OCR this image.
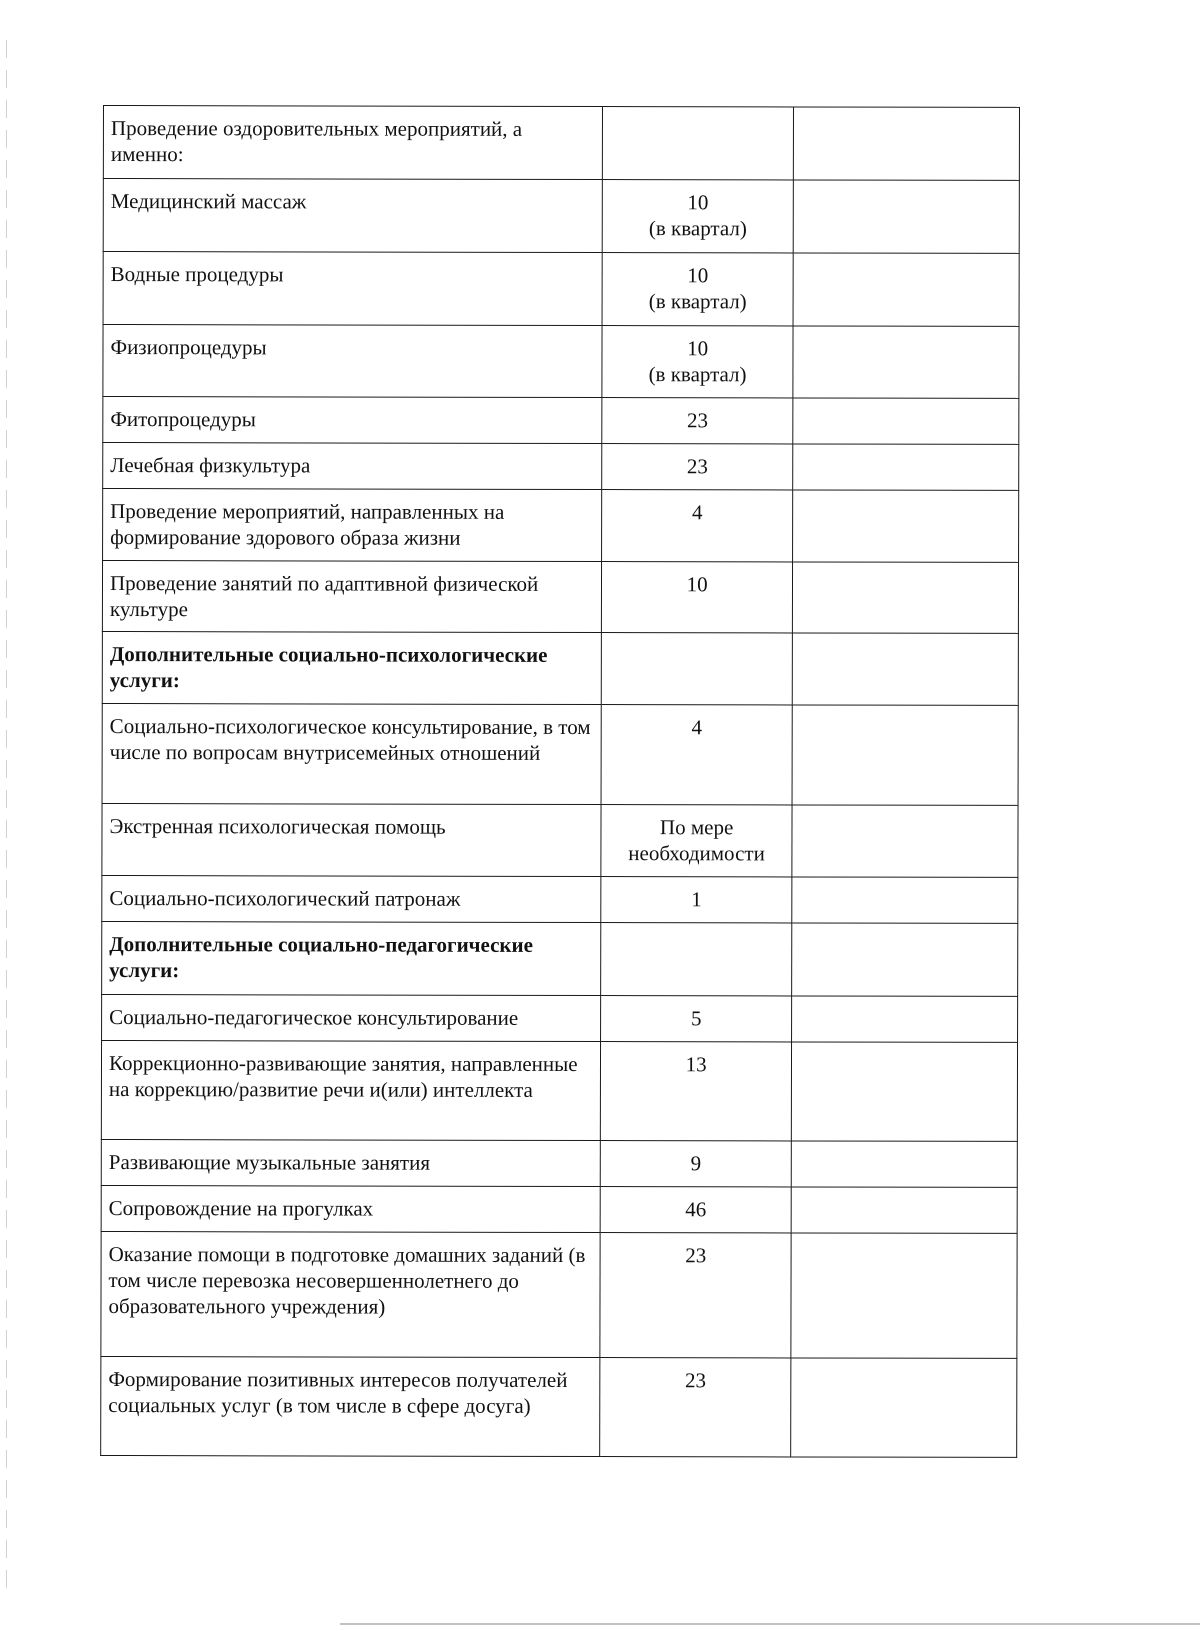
Проведение оздоровительных мероприятий, а именно:		
Медицинский массаж	10
(в квартал)	
Водные процедуры	10
(в квартал)	
Физиопроцедуры	10
(в квартал)	
Фитопроцедуры	23	
Лечебная физкультура	23	
Проведение мероприятий, направленных на формирование здорового образа жизни	4	
Проведение занятий по адаптивной физической культуре	10	
Дополнительные социально-психологические услуги:		
Социально-психологическое консультирование, в том числе по вопросам внутрисемейных отношений	4	
Экстренная психологическая помощь	По мере необходимости	
Социально-психологический патронаж	1	
Дополнительные социально-педагогические услуги:		
Социально-педагогическое консультирование	5	
Коррекционно-развивающие занятия, направленные на коррекцию/развитие речи и(или) интеллекта	13	
Развивающие музыкальные занятия	9	
Сопровождение на прогулках	46	
Оказание помощи в подготовке домашних заданий (в том числе перевозка несовершеннолетнего до образовательного учреждения)	23	
Формирование позитивных интересов получателей социальных услуг (в том числе в сфере досуга)	23	
